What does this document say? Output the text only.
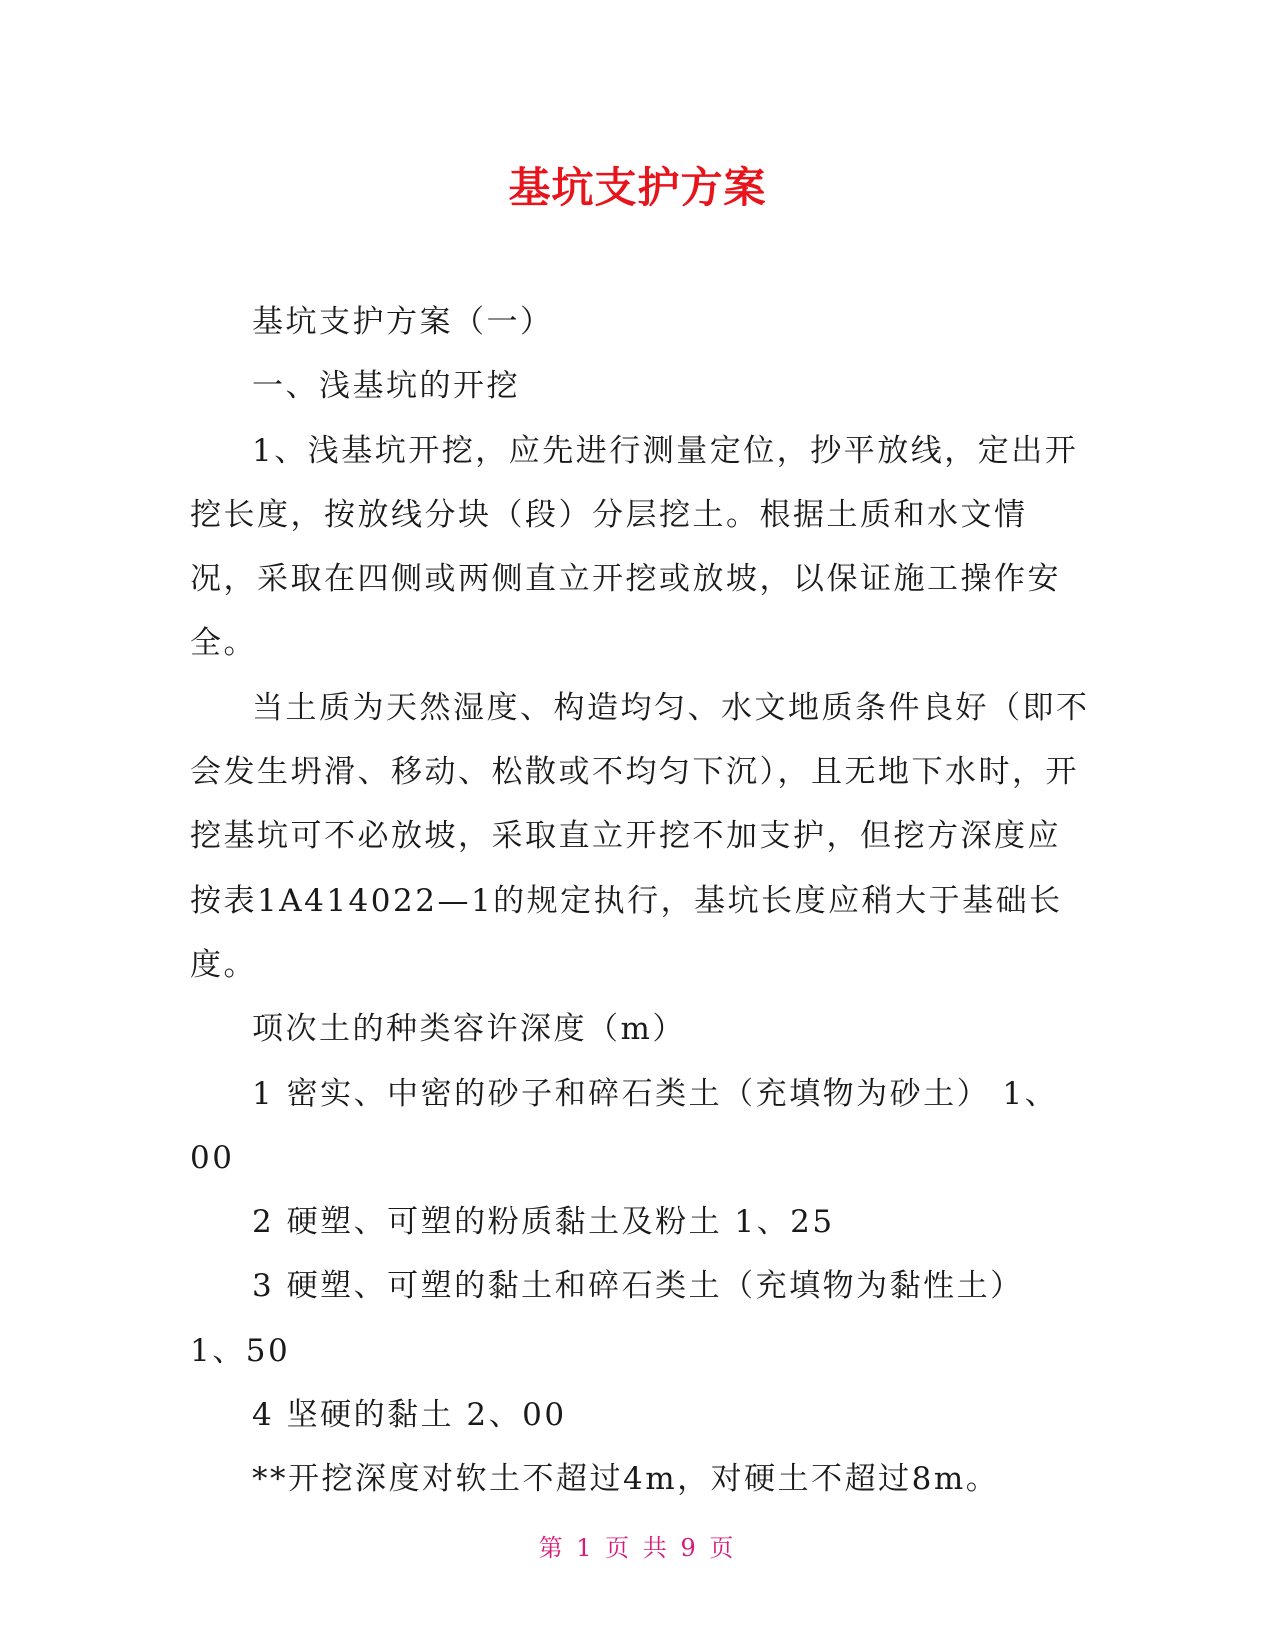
基坑支护方案

基坑支护方案（一）

一、浅基坑的开挖

1、浅基坑开挖，应先进行测量定位，抄平放线，定出开挖长度，按放线分块（段）分层挖土。根据土质和水文情况，采取在四侧或两侧直立开挖或放坡，以保证施工操作安全。

当土质为天然湿度、构造均匀、水文地质条件良好（即不会发生坍滑、移动、松散或不均匀下沉），且无地下水时，开挖基坑可不必放坡，采取直立开挖不加支护，但挖方深度应按表1A414022—1的规定执行，基坑长度应稍大于基础长度。

项次土的种类容许深度（m）

1 密实、中密的砂子和碎石类土（充填物为砂土） 1、00

2 硬塑、可塑的粉质黏土及粉土 1、25

3 硬塑、可塑的黏土和碎石类土（充填物为黏性土） 1、50

4 坚硬的黏土 2、00

**开挖深度对软土不超过4m，对硬土不超过8m。

第 1 页 共 9 页
